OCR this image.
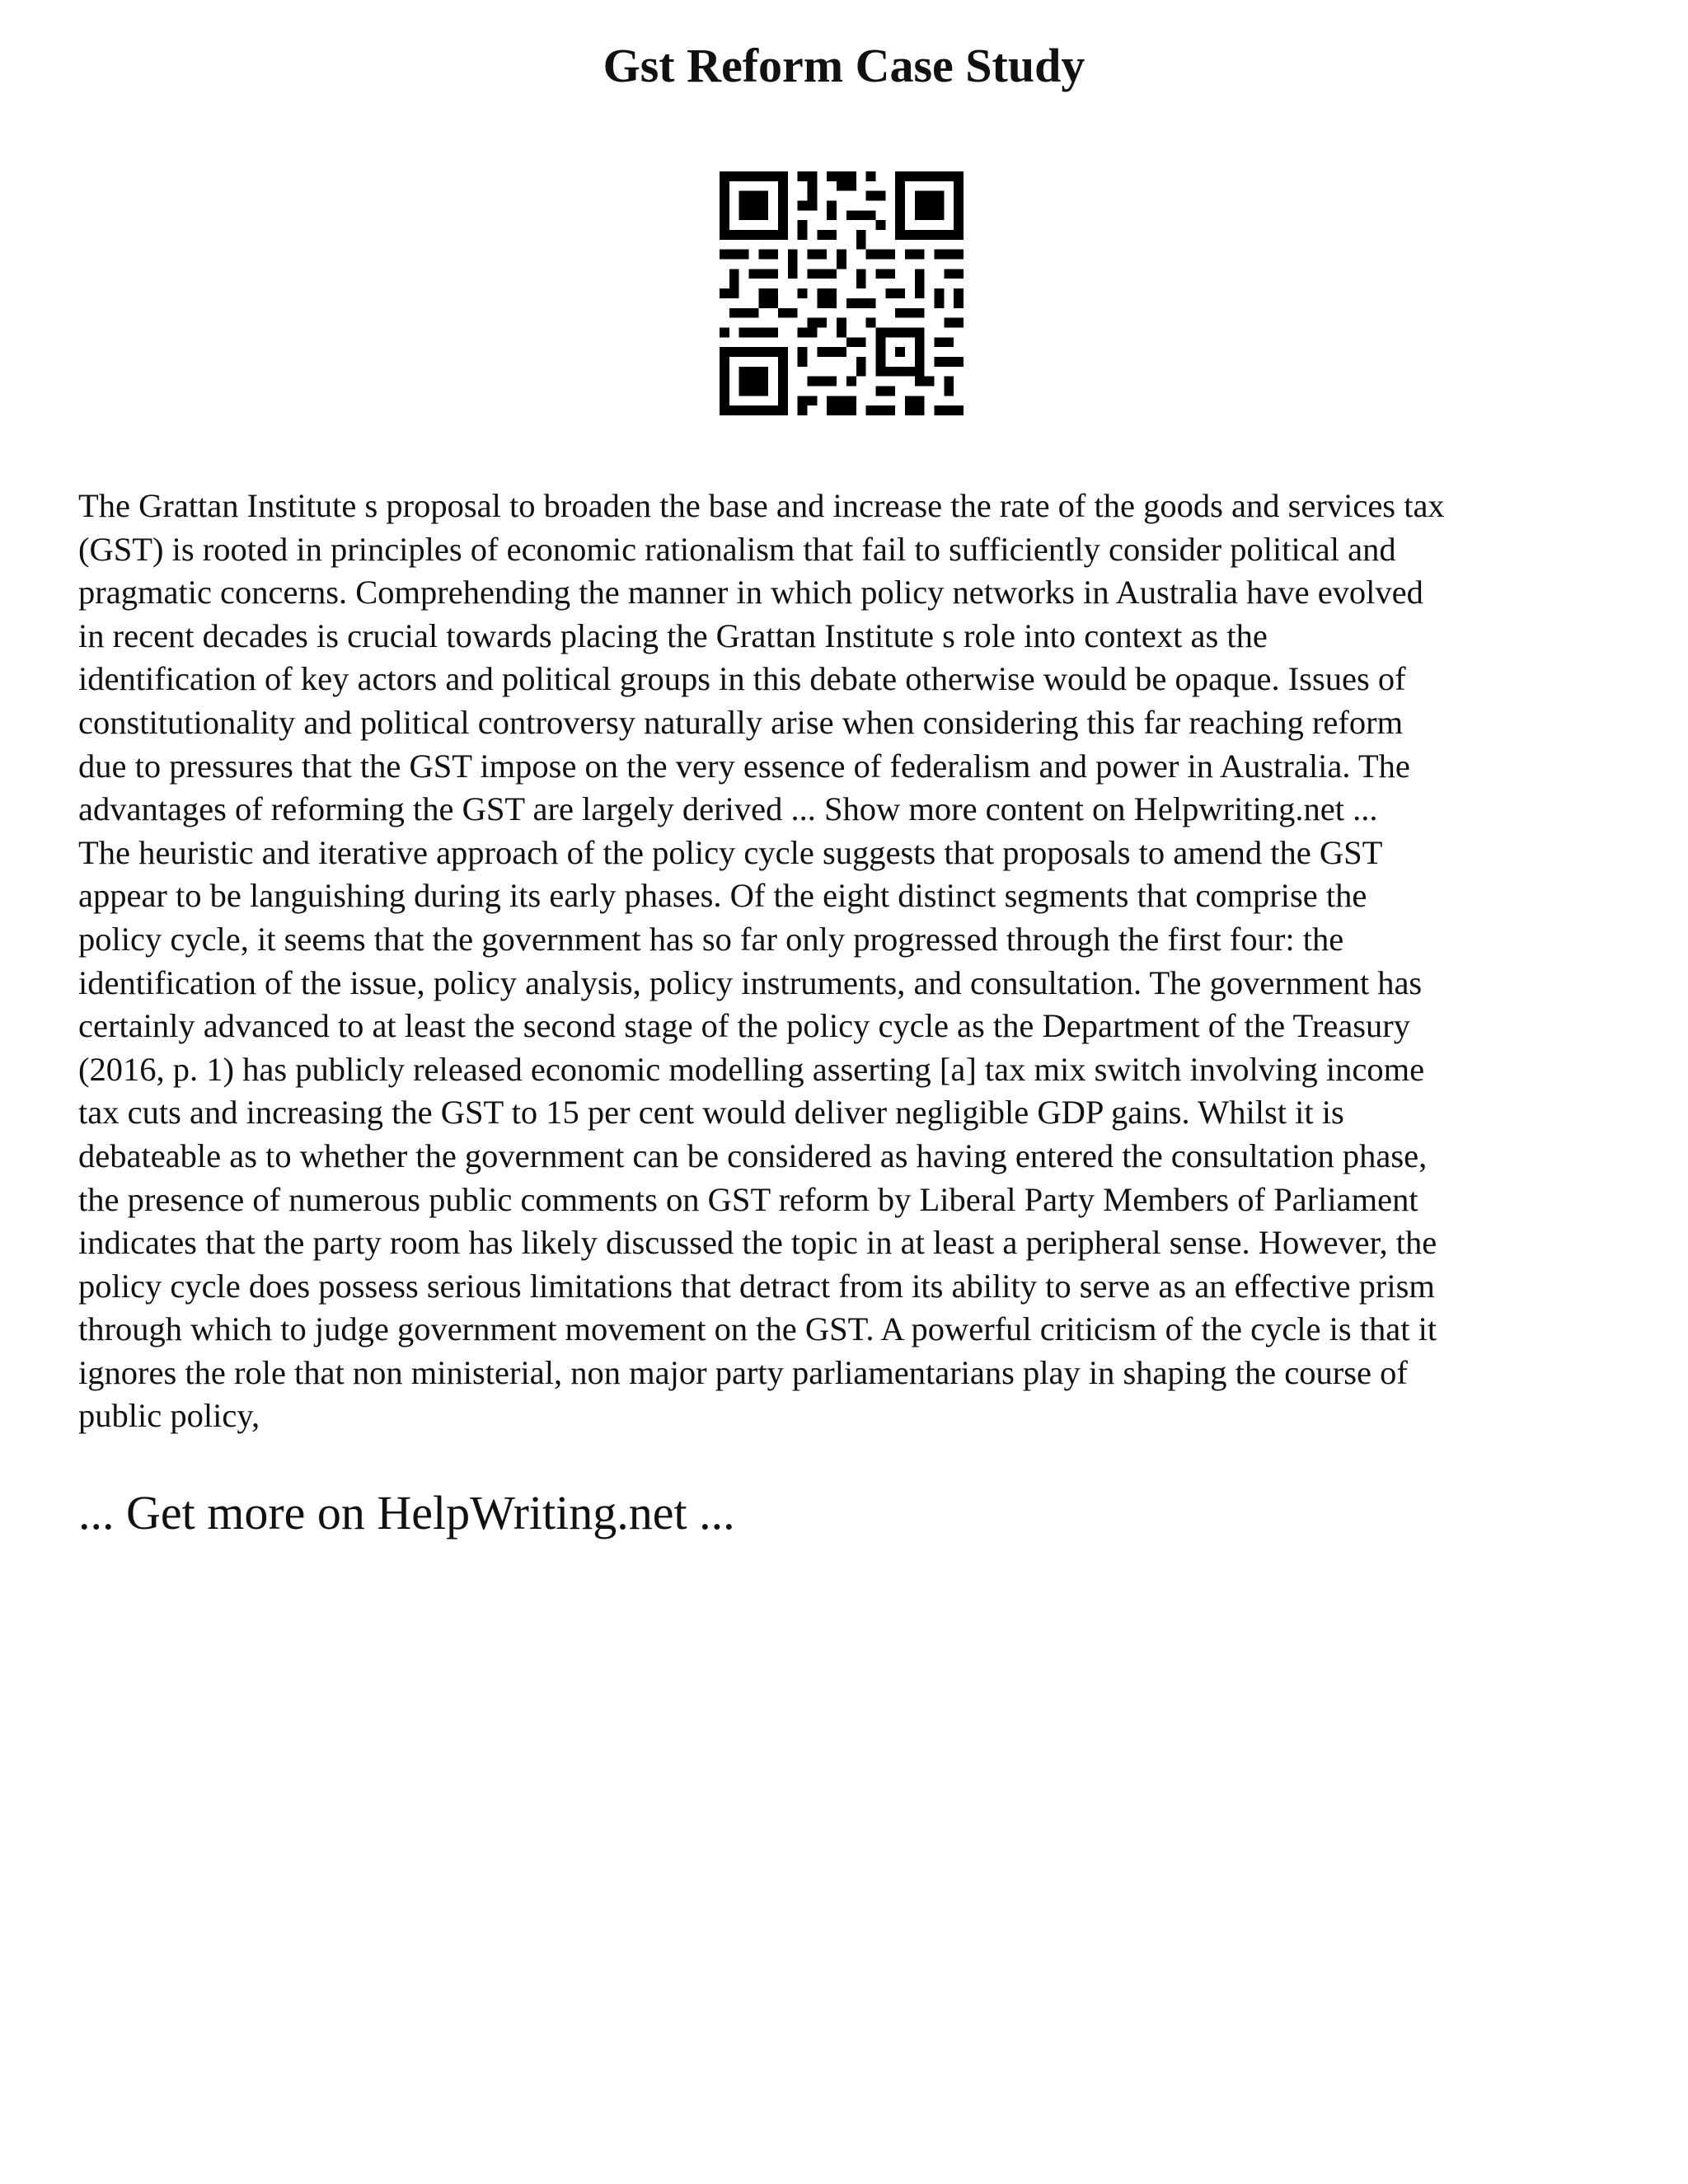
Gst Reform Case Study

The Grattan Institute s proposal to broaden the base and increase the rate of the goods and services tax
(GST) is rooted in principles of economic rationalism that fail to sufficiently consider political and
pragmatic concerns. Comprehending the manner in which policy networks in Australia have evolved
in recent decades is crucial towards placing the Grattan Institute s role into context as the
identification of key actors and political groups in this debate otherwise would be opaque. Issues of
constitutionality and political controversy naturally arise when considering this far reaching reform
due to pressures that the GST impose on the very essence of federalism and power in Australia. The
advantages of reforming the GST are largely derived ... Show more content on Helpwriting.net ...
The heuristic and iterative approach of the policy cycle suggests that proposals to amend the GST
appear to be languishing during its early phases. Of the eight distinct segments that comprise the
policy cycle, it seems that the government has so far only progressed through the first four: the
identification of the issue, policy analysis, policy instruments, and consultation. The government has
certainly advanced to at least the second stage of the policy cycle as the Department of the Treasury
(2016, p. 1) has publicly released economic modelling asserting [a] tax mix switch involving income
tax cuts and increasing the GST to 15 per cent would deliver negligible GDP gains. Whilst it is
debateable as to whether the government can be considered as having entered the consultation phase,
the presence of numerous public comments on GST reform by Liberal Party Members of Parliament
indicates that the party room has likely discussed the topic in at least a peripheral sense. However, the
policy cycle does possess serious limitations that detract from its ability to serve as an effective prism
through which to judge government movement on the GST. A powerful criticism of the cycle is that it
ignores the role that non ministerial, non major party parliamentarians play in shaping the course of
public policy,

... Get more on HelpWriting.net ...
